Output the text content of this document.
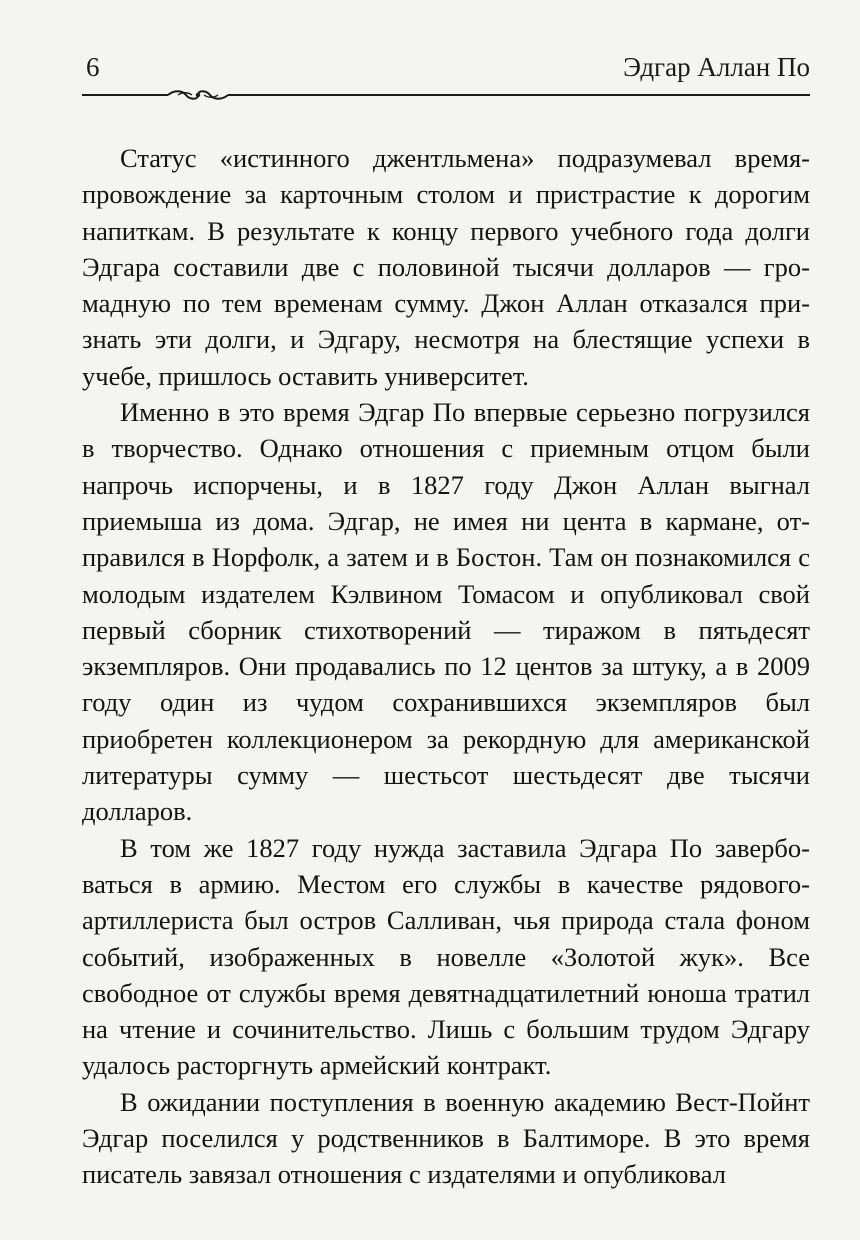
6	Эдгар Аллан По

Статус «истинного джентльмена» подразумевал времяпровождение за карточным столом и пристрастие к дорогим напиткам. В результате к концу первого учебного года долги Эдгара составили две с половиной тысячи долларов — громадную по тем временам сумму. Джон Аллан отказался признать эти долги, и Эдгару, несмотря на блестящие успехи в учебе, пришлось оставить университет.

Именно в это время Эдгар По впервые серьезно погрузился в творчество. Однако отношения с приемным отцом были напрочь испорчены, и в 1827 году Джон Аллан выгнал приемыша из дома. Эдгар, не имея ни цента в кармане, отправился в Норфолк, а затем и в Бостон. Там он познакомился с молодым издателем Кэлвином Томасом и опубликовал свой первый сборник стихотворений — тиражом в пятьдесят экземпляров. Они продавались по 12 центов за штуку, а в 2009 году один из чудом сохранившихся экземпляров был приобретен коллекционером за рекордную для американской литературы сумму — шестьсот шестьдесят две тысячи долларов.

В том же 1827 году нужда заставила Эдгара По завербоваться в армию. Местом его службы в качестве рядового-артиллериста был остров Салливан, чья природа стала фоном событий, изображенных в новелле «Золотой жук». Все свободное от службы время девятнадцатилетний юноша тратил на чтение и сочинительство. Лишь с большим трудом Эдгару удалось расторгнуть армейский контракт.

В ожидании поступления в военную академию Вест-Пойнт Эдгар поселился у родственников в Балтиморе. В это время писатель завязал отношения с издателями и опубликовал
